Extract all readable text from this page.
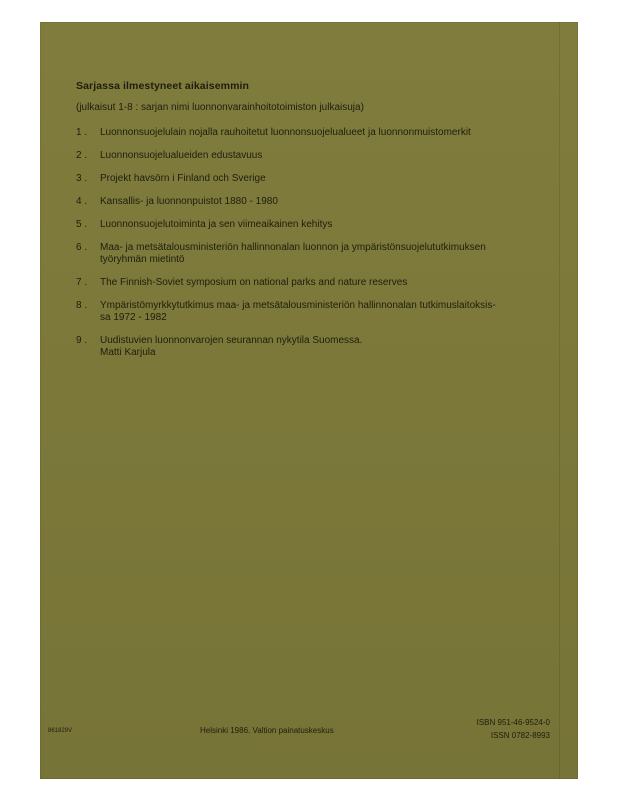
Sarjassa ilmestyneet aikaisemmin
(julkaisut 1-8 : sarjan nimi luonnonvarainhoitotoimiston julkaisuja)
1 .	Luonnonsuojelulain nojalla rauhoitetut luonnonsuojelualueet ja luonnonmuistomerkit
2 .	Luonnonsuojelualueiden edustavuus
3 .	Projekt havsörn i Finland och Sverige
4 .	Kansallis- ja luonnonpuistot 1880 - 1980
5 .	Luonnonsuojelutoiminta ja sen viimeaikainen kehitys
6 .	Maa- ja metsätalousministeriön hallinnonalan luonnon ja ympäristönsuojelututkimuksen
työryhmän mietintö
7 .	The Finnish-Soviet symposium on national parks and nature reserves
8 .	Ympäristömyrkkytutkimus maa- ja metsätalousministeriön hallinnonalan tutkimuslaitoksis-
sa 1972 - 1982
9 .	Uudistuvien luonnonvarojen seurannan nykytila Suomessa.
Matti Karjula
861829V	Helsinki 1986. Valtion painatuskeskus
ISBN 951-46-9524-0
ISSN 0782-8993
